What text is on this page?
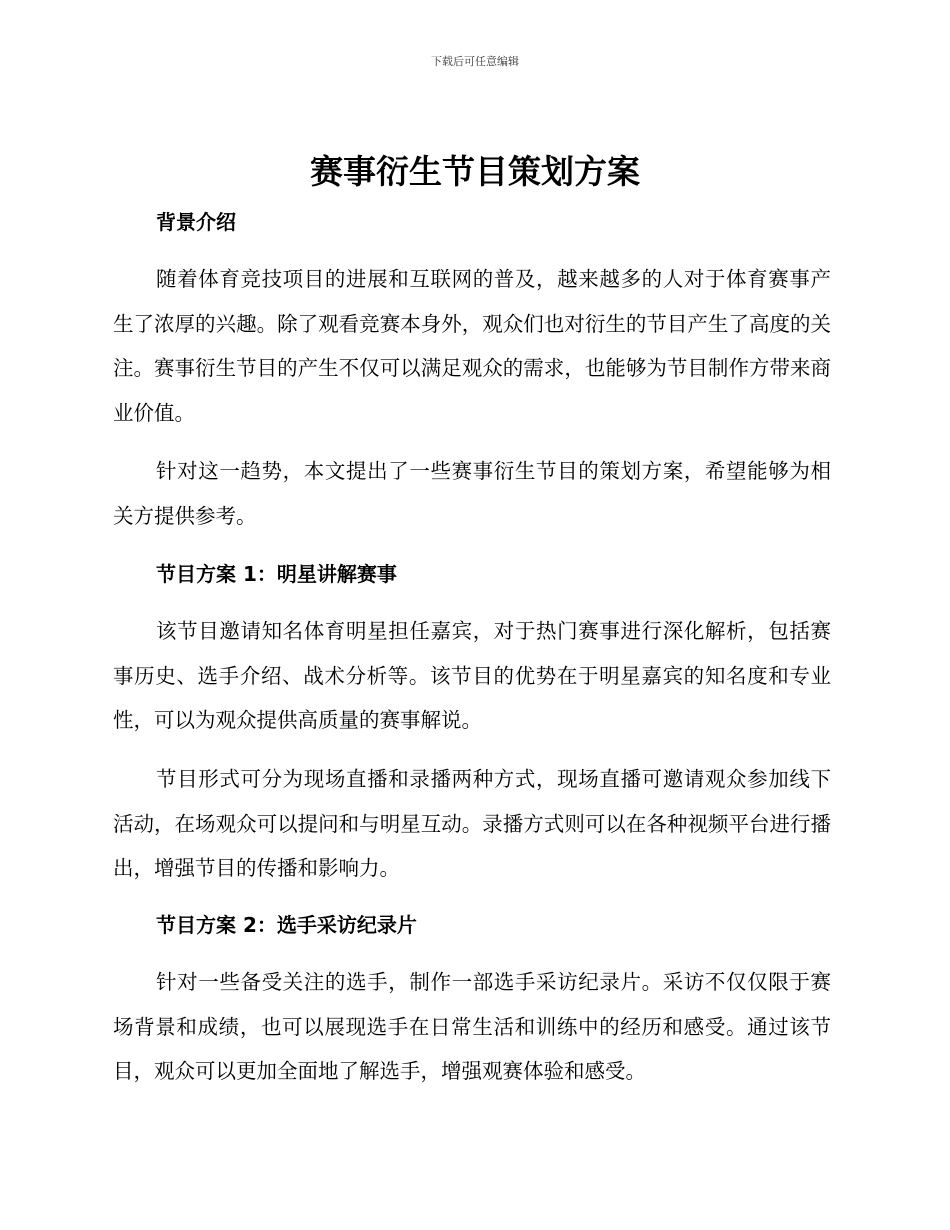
下载后可任意编辑
赛事衍生节目策划方案
背景介绍

随着体育竞技项目的进展和互联网的普及，越来越多的人对于体育赛事产生了浓厚的兴趣。除了观看竞赛本身外，观众们也对衍生的节目产生了高度的关注。赛事衍生节目的产生不仅可以满足观众的需求，也能够为节目制作方带来商业价值。

针对这一趋势，本文提出了一些赛事衍生节目的策划方案，希望能够为相关方提供参考。

节目方案 1：明星讲解赛事

该节目邀请知名体育明星担任嘉宾，对于热门赛事进行深化解析，包括赛事历史、选手介绍、战术分析等。该节目的优势在于明星嘉宾的知名度和专业性，可以为观众提供高质量的赛事解说。

节目形式可分为现场直播和录播两种方式，现场直播可邀请观众参加线下活动，在场观众可以提问和与明星互动。录播方式则可以在各种视频平台进行播出，增强节目的传播和影响力。

节目方案 2：选手采访纪录片

针对一些备受关注的选手，制作一部选手采访纪录片。采访不仅仅限于赛场背景和成绩，也可以展现选手在日常生活和训练中的经历和感受。通过该节目，观众可以更加全面地了解选手，增强观赛体验和感受。
